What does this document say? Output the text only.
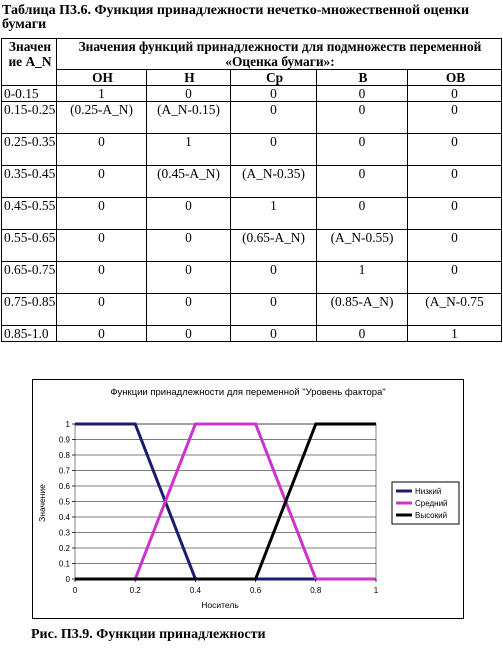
Таблица П3.6. Функция принадлежности нечетко-множественной оценки
бумаги
Значен ие A_N	Значения функций принадлежности для подмножеств переменной «Оценка бумаги»:				
	ОН	Н	Ср	В	ОВ
0-0.15	1	0	0	0	0
0.15-0.25	(0.25-A_N)	(A_N-0.15)	0	0	0
0.25-0.35	0	1	0	0	0
0.35-0.45	0	(0.45-A_N)	(A_N-0.35)	0	0
0.45-0.55	0	0	1	0	0
0.55-0.65	0	0	(0.65-A_N)	(A_N-0.55)	0
0.65-0.75	0	0	0	1	0
0.75-0.85	0	0	0	(0.85-A_N)	(A_N-0.75
0.85-1.0	0	0	0	0	1
Функции принадлежности для переменной "Уровень фактора"
0
0.1
0.2
0.3
0.4
0.5
0.6
0.7
0.8
0.9
1
0	0.2	0.4	0.6	0.8	1
Носитель
Значение	Низкий
Средний
Высокий
Рис. П3.9. Функции принадлежности
